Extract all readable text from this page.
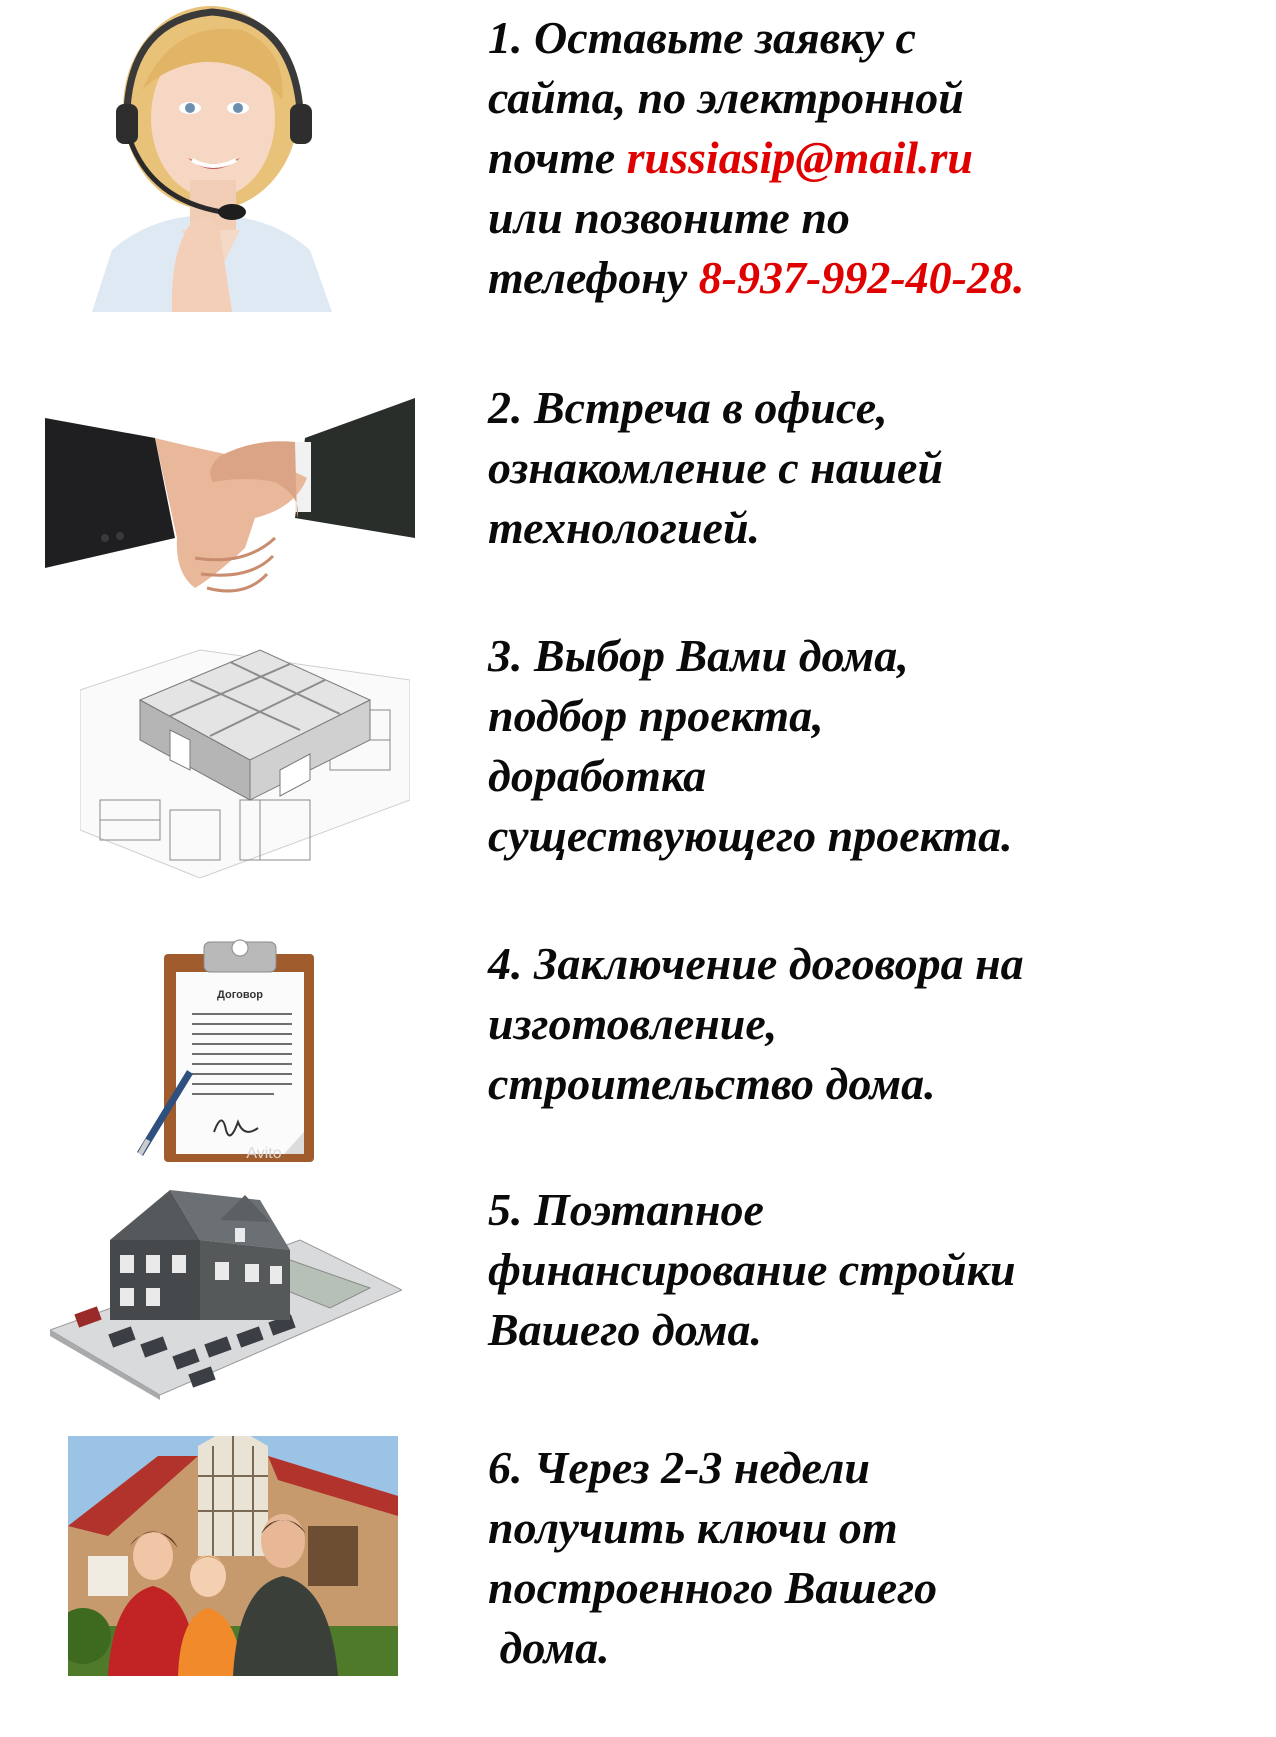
1. Оставьте заявку с
сайта, по электронной
почте russiasip@mail.ru
или позвоните по
телефону 8-937-992-40-28.
2. Встреча в офисе,
ознакомление с нашей
технологией.
3. Выбор Вами дома,
подбор проекта,
доработка
существующего проекта.
Договор
Avito
4. Заключение договора на
изготовление,
строительство дома.
5. Поэтапное
финансирование стройки
Вашего дома.
6. Через 2-3 недели
получить ключи от
построенного Вашего
дома.
